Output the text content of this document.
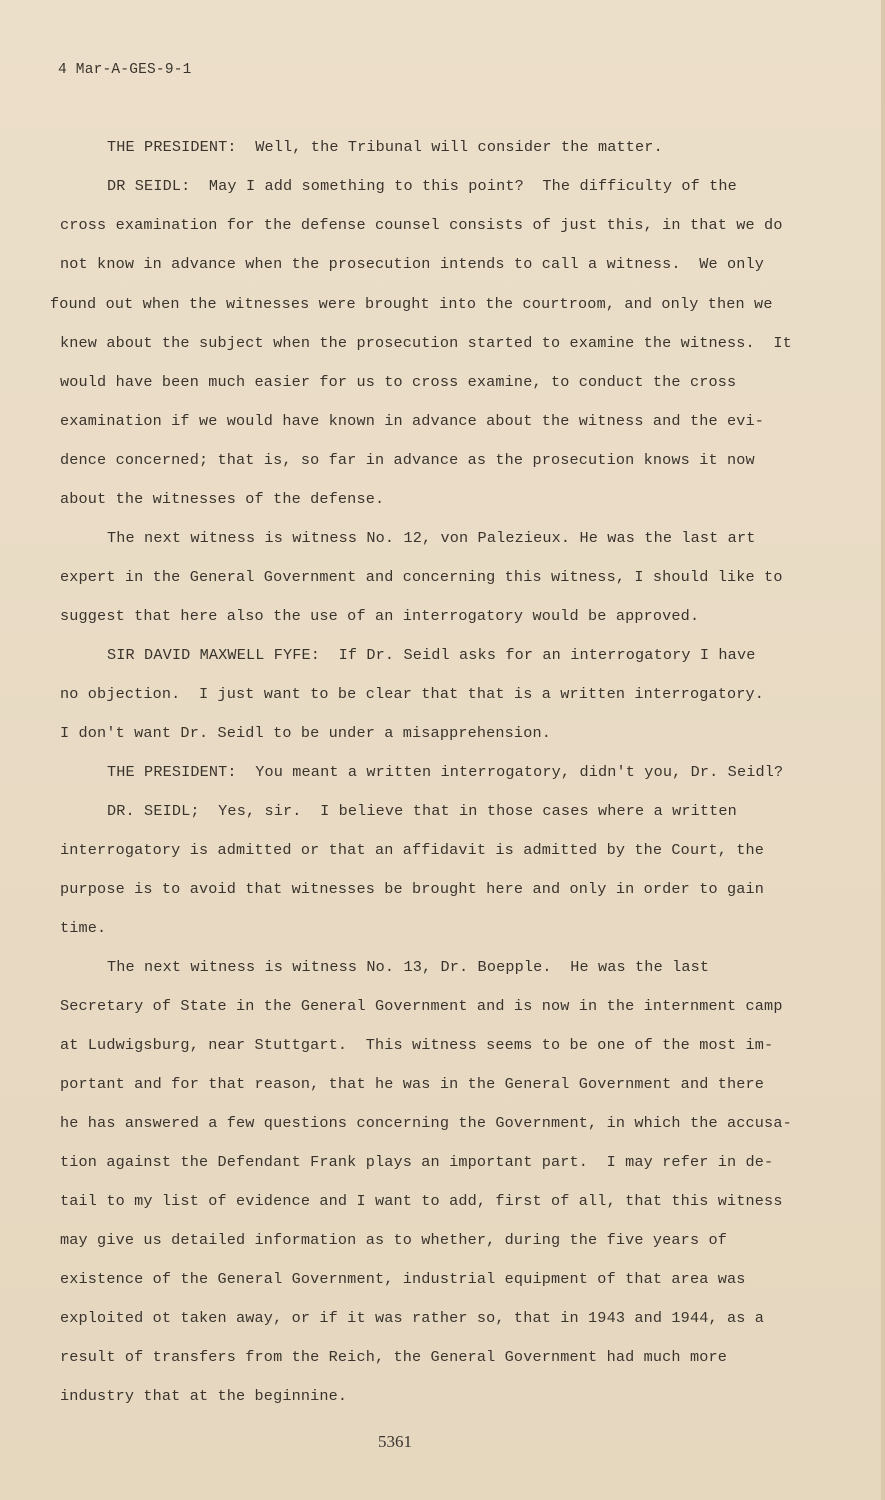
4 Mar-A-GES-9-1
THE PRESIDENT:  Well, the Tribunal will consider the matter.
DR SEIDL:  May I add something to this point?  The difficulty of the
cross examination for the defense counsel consists of just this, in that we do
not know in advance when the prosecution intends to call a witness.  We only
found out when the witnesses were brought into the courtroom, and only then we
knew about the subject when the prosecution started to examine the witness.  It
would have been much easier for us to cross examine, to conduct the cross
examination if we would have known in advance about the witness and the evi-
dence concerned; that is, so far in advance as the prosecution knows it now
about the witnesses of the defense.
The next witness is witness No. 12, von Palezieux. He was the last art
expert in the General Government and concerning this witness, I should like to
suggest that here also the use of an interrogatory would be approved.
SIR DAVID MAXWELL FYFE:  If Dr. Seidl asks for an interrogatory I have
no objection.  I just want to be clear that that is a written interrogatory.
I don't want Dr. Seidl to be under a misapprehension.
THE PRESIDENT:  You meant a written interrogatory, didn't you, Dr. Seidl?
DR. SEIDL;  Yes, sir.  I believe that in those cases where a written
interrogatory is admitted or that an affidavit is admitted by the Court, the
purpose is to avoid that witnesses be brought here and only in order to gain
time.
The next witness is witness No. 13, Dr. Boepple.  He was the last
Secretary of State in the General Government and is now in the internment camp
at Ludwigsburg, near Stuttgart.  This witness seems to be one of the most im-
portant and for that reason, that he was in the General Government and there
he has answered a few questions concerning the Government, in which the accusa-
tion against the Defendant Frank plays an important part.  I may refer in de-
tail to my list of evidence and I want to add, first of all, that this witness
may give us detailed information as to whether, during the five years of
existence of the General Government, industrial equipment of that area was
exploited ot taken away, or if it was rather so, that in 1943 and 1944, as a
result of transfers from the Reich, the General Government had much more
industry that at the beginnine.
5361
